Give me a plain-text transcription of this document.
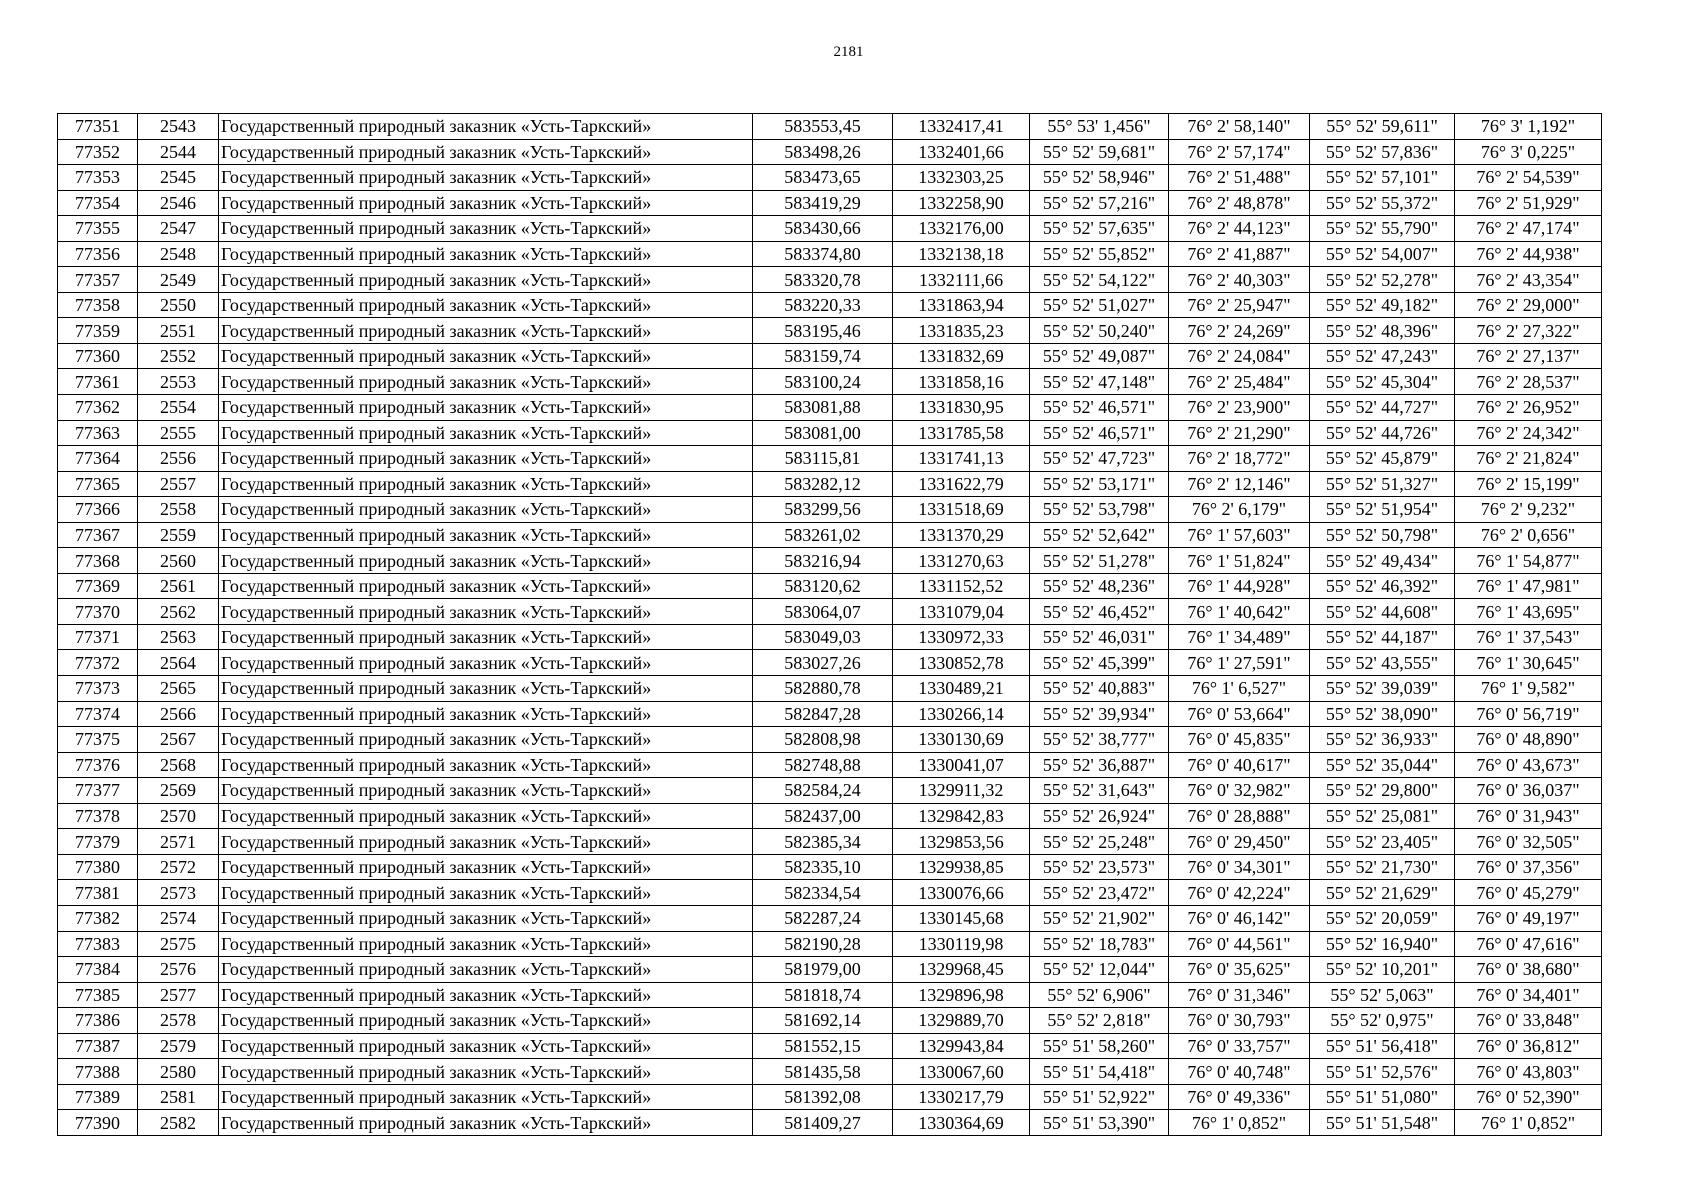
2181
77351	2543	Государственный природный заказник «Усть-Таркский»	583553,45	1332417,41	55° 53' 1,456"	76° 2' 58,140"	55° 52' 59,611"	76° 3' 1,192"
77352	2544	Государственный природный заказник «Усть-Таркский»	583498,26	1332401,66	55° 52' 59,681"	76° 2' 57,174"	55° 52' 57,836"	76° 3' 0,225"
77353	2545	Государственный природный заказник «Усть-Таркский»	583473,65	1332303,25	55° 52' 58,946"	76° 2' 51,488"	55° 52' 57,101"	76° 2' 54,539"
77354	2546	Государственный природный заказник «Усть-Таркский»	583419,29	1332258,90	55° 52' 57,216"	76° 2' 48,878"	55° 52' 55,372"	76° 2' 51,929"
77355	2547	Государственный природный заказник «Усть-Таркский»	583430,66	1332176,00	55° 52' 57,635"	76° 2' 44,123"	55° 52' 55,790"	76° 2' 47,174"
77356	2548	Государственный природный заказник «Усть-Таркский»	583374,80	1332138,18	55° 52' 55,852"	76° 2' 41,887"	55° 52' 54,007"	76° 2' 44,938"
77357	2549	Государственный природный заказник «Усть-Таркский»	583320,78	1332111,66	55° 52' 54,122"	76° 2' 40,303"	55° 52' 52,278"	76° 2' 43,354"
77358	2550	Государственный природный заказник «Усть-Таркский»	583220,33	1331863,94	55° 52' 51,027"	76° 2' 25,947"	55° 52' 49,182"	76° 2' 29,000"
77359	2551	Государственный природный заказник «Усть-Таркский»	583195,46	1331835,23	55° 52' 50,240"	76° 2' 24,269"	55° 52' 48,396"	76° 2' 27,322"
77360	2552	Государственный природный заказник «Усть-Таркский»	583159,74	1331832,69	55° 52' 49,087"	76° 2' 24,084"	55° 52' 47,243"	76° 2' 27,137"
77361	2553	Государственный природный заказник «Усть-Таркский»	583100,24	1331858,16	55° 52' 47,148"	76° 2' 25,484"	55° 52' 45,304"	76° 2' 28,537"
77362	2554	Государственный природный заказник «Усть-Таркский»	583081,88	1331830,95	55° 52' 46,571"	76° 2' 23,900"	55° 52' 44,727"	76° 2' 26,952"
77363	2555	Государственный природный заказник «Усть-Таркский»	583081,00	1331785,58	55° 52' 46,571"	76° 2' 21,290"	55° 52' 44,726"	76° 2' 24,342"
77364	2556	Государственный природный заказник «Усть-Таркский»	583115,81	1331741,13	55° 52' 47,723"	76° 2' 18,772"	55° 52' 45,879"	76° 2' 21,824"
77365	2557	Государственный природный заказник «Усть-Таркский»	583282,12	1331622,79	55° 52' 53,171"	76° 2' 12,146"	55° 52' 51,327"	76° 2' 15,199"
77366	2558	Государственный природный заказник «Усть-Таркский»	583299,56	1331518,69	55° 52' 53,798"	76° 2' 6,179"	55° 52' 51,954"	76° 2' 9,232"
77367	2559	Государственный природный заказник «Усть-Таркский»	583261,02	1331370,29	55° 52' 52,642"	76° 1' 57,603"	55° 52' 50,798"	76° 2' 0,656"
77368	2560	Государственный природный заказник «Усть-Таркский»	583216,94	1331270,63	55° 52' 51,278"	76° 1' 51,824"	55° 52' 49,434"	76° 1' 54,877"
77369	2561	Государственный природный заказник «Усть-Таркский»	583120,62	1331152,52	55° 52' 48,236"	76° 1' 44,928"	55° 52' 46,392"	76° 1' 47,981"
77370	2562	Государственный природный заказник «Усть-Таркский»	583064,07	1331079,04	55° 52' 46,452"	76° 1' 40,642"	55° 52' 44,608"	76° 1' 43,695"
77371	2563	Государственный природный заказник «Усть-Таркский»	583049,03	1330972,33	55° 52' 46,031"	76° 1' 34,489"	55° 52' 44,187"	76° 1' 37,543"
77372	2564	Государственный природный заказник «Усть-Таркский»	583027,26	1330852,78	55° 52' 45,399"	76° 1' 27,591"	55° 52' 43,555"	76° 1' 30,645"
77373	2565	Государственный природный заказник «Усть-Таркский»	582880,78	1330489,21	55° 52' 40,883"	76° 1' 6,527"	55° 52' 39,039"	76° 1' 9,582"
77374	2566	Государственный природный заказник «Усть-Таркский»	582847,28	1330266,14	55° 52' 39,934"	76° 0' 53,664"	55° 52' 38,090"	76° 0' 56,719"
77375	2567	Государственный природный заказник «Усть-Таркский»	582808,98	1330130,69	55° 52' 38,777"	76° 0' 45,835"	55° 52' 36,933"	76° 0' 48,890"
77376	2568	Государственный природный заказник «Усть-Таркский»	582748,88	1330041,07	55° 52' 36,887"	76° 0' 40,617"	55° 52' 35,044"	76° 0' 43,673"
77377	2569	Государственный природный заказник «Усть-Таркский»	582584,24	1329911,32	55° 52' 31,643"	76° 0' 32,982"	55° 52' 29,800"	76° 0' 36,037"
77378	2570	Государственный природный заказник «Усть-Таркский»	582437,00	1329842,83	55° 52' 26,924"	76° 0' 28,888"	55° 52' 25,081"	76° 0' 31,943"
77379	2571	Государственный природный заказник «Усть-Таркский»	582385,34	1329853,56	55° 52' 25,248"	76° 0' 29,450"	55° 52' 23,405"	76° 0' 32,505"
77380	2572	Государственный природный заказник «Усть-Таркский»	582335,10	1329938,85	55° 52' 23,573"	76° 0' 34,301"	55° 52' 21,730"	76° 0' 37,356"
77381	2573	Государственный природный заказник «Усть-Таркский»	582334,54	1330076,66	55° 52' 23,472"	76° 0' 42,224"	55° 52' 21,629"	76° 0' 45,279"
77382	2574	Государственный природный заказник «Усть-Таркский»	582287,24	1330145,68	55° 52' 21,902"	76° 0' 46,142"	55° 52' 20,059"	76° 0' 49,197"
77383	2575	Государственный природный заказник «Усть-Таркский»	582190,28	1330119,98	55° 52' 18,783"	76° 0' 44,561"	55° 52' 16,940"	76° 0' 47,616"
77384	2576	Государственный природный заказник «Усть-Таркский»	581979,00	1329968,45	55° 52' 12,044"	76° 0' 35,625"	55° 52' 10,201"	76° 0' 38,680"
77385	2577	Государственный природный заказник «Усть-Таркский»	581818,74	1329896,98	55° 52' 6,906"	76° 0' 31,346"	55° 52' 5,063"	76° 0' 34,401"
77386	2578	Государственный природный заказник «Усть-Таркский»	581692,14	1329889,70	55° 52' 2,818"	76° 0' 30,793"	55° 52' 0,975"	76° 0' 33,848"
77387	2579	Государственный природный заказник «Усть-Таркский»	581552,15	1329943,84	55° 51' 58,260"	76° 0' 33,757"	55° 51' 56,418"	76° 0' 36,812"
77388	2580	Государственный природный заказник «Усть-Таркский»	581435,58	1330067,60	55° 51' 54,418"	76° 0' 40,748"	55° 51' 52,576"	76° 0' 43,803"
77389	2581	Государственный природный заказник «Усть-Таркский»	581392,08	1330217,79	55° 51' 52,922"	76° 0' 49,336"	55° 51' 51,080"	76° 0' 52,390"
77390	2582	Государственный природный заказник «Усть-Таркский»	581409,27	1330364,69	55° 51' 53,390"	76° 1' 0,852"	55° 51' 51,548"	76° 1' 0,852"
